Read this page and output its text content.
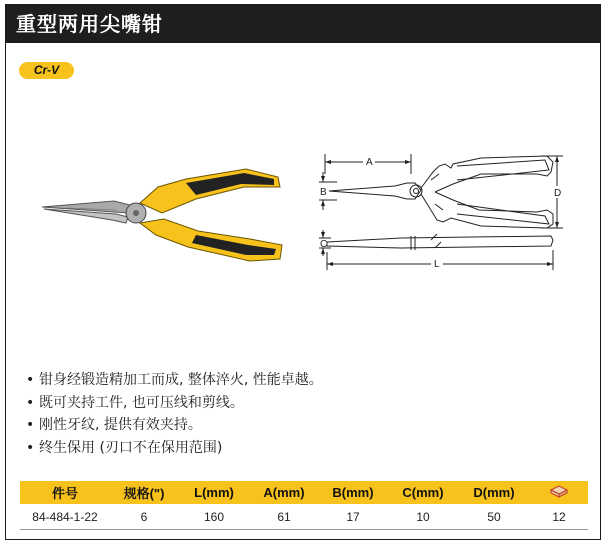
重型两用尖嘴钳
Cr-V
A
B	D
C
L
• 钳身经锻造精加工而成, 整体淬火, 性能卓越。
• 既可夹持工件, 也可压线和剪线。
• 刚性牙纹, 提供有效夹持。
• 终生保用 (刃口不在保用范围)
件号	规格(")	L(mm)	A(mm)	B(mm)	C(mm)	D(mm)	
84-484-1-22	6	160	61	17	10	50	12
